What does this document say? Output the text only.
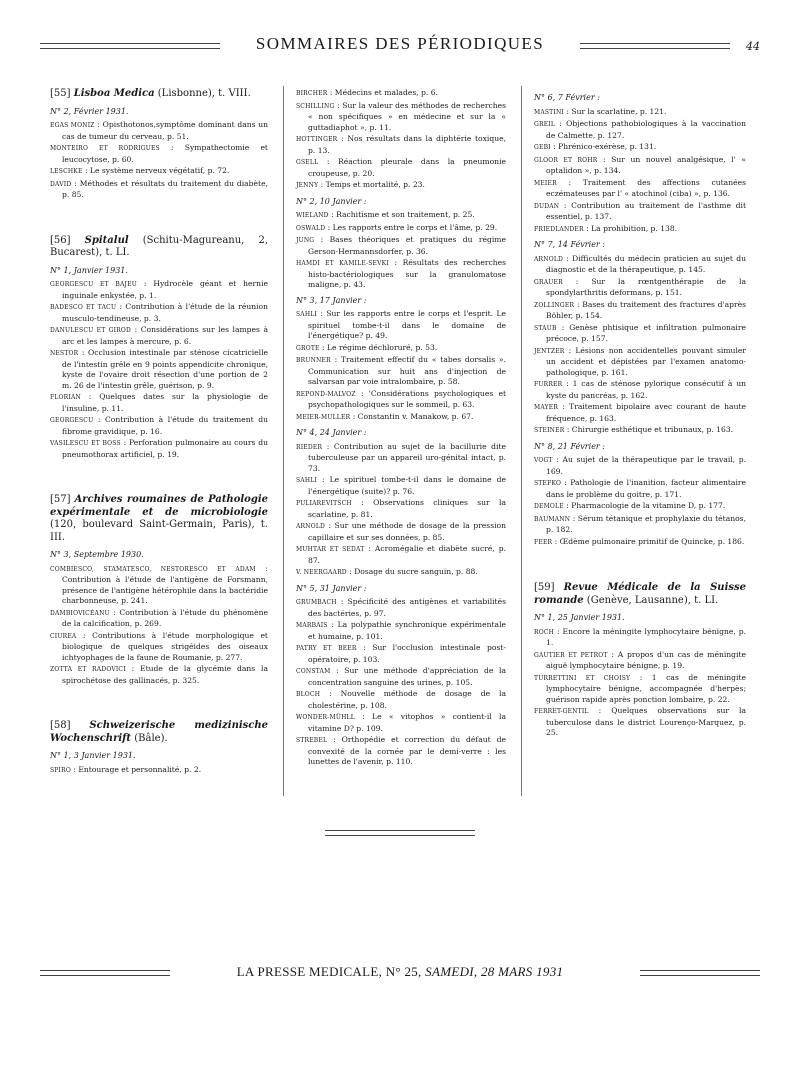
SOMMAIRES DES PÉRIODIQUES	44
[55] Lisboa Medica (Lisbonne), t. VIII.
N° 2, Février 1931.
EGAS MONIZ : Opisthotonos,symptôme dominant dans un cas de tumeur du cerveau, p. 51.
MONTEIRO ET RODRIGUES : Sympathectomie et leucocytose, p. 60.
LESCHKE : Le système nerveux végétatif, p. 72.
DAVID : Méthodes et résultats du traitement du diabète, p. 85.
[56] Spitalul (Schitu-Magureanu, 2, Bucarest), t. LI.
N° 1, Janvier 1931.
GEORGESCU ET BAJEU : Hydrocèle géant et hernie inguinale enkystée, p. 1.
BADESCO ET TACU : Contribution à l'étude de la réunion musculo-tendineuse, p. 3.
DANULESCU ET GIROD : Considérations sur les lampes à arc et les lampes à mercure, p. 6.
NESTOR : Occlusion intestinale par sténose cicatricielle de l'intestin grêle en 9 points appendicite chronique, kyste de l'ovaire droit résection d'une portion de 2 m. 26 de l'intestin grêle, guérison, p. 9.
FLORIAN : Quelques dates sur la physiologie de l'insuline, p. 11.
GEORGESCU : Contribution à l'étude du traitement du fibrome gravidique, p. 16.
VASILESCU ET BOSS : Perforation pulmonaire au cours du pneumothorax artificiel, p. 19.
[57] Archives roumaines de Pathologie expérimentale et de microbiologie (120, boulevard Saint-Germain, Paris), t. III.
N° 3, Septembre 1930.
COMBIESCO, STAMATESCO, NESTORESCO ET ADAM : Contribution à l'étude de l'antigène de Forsmann, présence de l'antigène hétérophile dans la bactéridie charbonneuse, p. 241.
DAMBIOVICÉANU : Contribution à l'étude du phénomène de la calcification, p. 269.
CIUREA : Contributions à l'étude morphologique et biologique de quelques strigéides des oiseaux ichtyophages de la faune de Roumanie, p. 277.
ZOTTA ET RADOVICI : Etude de la glycémie dans la spirochétose des gallinacés, p. 325.
[58] Schweizerische medizinische Wochenschrift (Bâle).
N° 1, 3 Janvier 1931.
SPIRO : Entourage et personnalité, p. 2.
BIRCHER : Médecins et malades, p. 6.
SCHILLING : Sur la valeur des méthodes de recherches « non spécifiques » en médecine et sur la « guttadiaphot », p. 11.
HOTTINGER : Nos résultats dans la diphtérie toxique, p. 13.
GSELL : Réaction pleurale dans la pneumonie croupeuse, p. 20.
JENNY : Temps et mortalité, p. 23.
N° 2, 10 Janvier :
WIELAND : Rachitisme et son traitement, p. 25.
OSWALD : Les rapports entre le corps et l'âme, p. 29.
JUNG : Bases théoriques et pratiques du régime Gerson-Hermannsdorfer, p. 36.
HAMDI ET KAMILE-SEVKI : Résultats des recherches histo-bactériologiques sur la granulomatose maligne, p. 43.
N° 3, 17 Janvier :
SAHLI : Sur les rapports entre le corps et l'esprit. Le spirituel tombe-t-il dans le domaine de l'énergétique? p. 49.
GROTE : Le régime déchloruré, p. 53.
BRUNNER : Traitement effectif du « tabes dorsalis ». Communication sur huit ans d'injection de salvarsan par voie intralombaire, p. 58.
REPOND-MALVOZ : 'Considérations psychologiques et psychopathologiques sur le sommeil, p. 63.
MEIER-MULLER : Constantin v. Manakow, p. 67.
N° 4, 24 Janvier :
RIEDER : Contribution au sujet de la bacillurie dite tuberculeuse par un appareil uro-génital intact, p. 73.
SAHLI : Le spirituel tombe-t-il dans le domaine de l'énergétique (suite)? p. 76.
PULIAREVITSCH : Observations cliniques sur la scarlatine, p. 81.
ARNOLD : Sur une méthode de dosage de la pression capillaire et sur ses données, p. 85.
MUHTAR ET SEDAT : Acromégalie et diabète sucré, p. 87.
V. NEERGAARD : Dosage du sucre sanguin, p. 88.
N° 5, 31 Janvier :
GRUMBACH : Spécificité des antigènes et variabilités des bactéries, p. 97.
MARBAIS : La polypathie synchronique expérimentale et humaine, p. 101.
PATRY ET BEER : Sur l'occlusion intestinale post-opératoire, p. 103.
CONSTAM : Sur une méthode d'appréciation de la concentration sanguine des urines, p. 105.
BLOCH : Nouvelle méthode de dosage de la cholestérine, p. 108.
WONDER-MÜHLL : Le « vitophos » contient-il la vitamine D? p. 109.
STREBEL : Orthopédie et correction du défaut de convexité de la cornée par le demi-verre : les lunettes de l'avenir, p. 110.
N° 6, 7 Février :
MASTINI : Sur la scarlatine, p. 121.
GREIL : Objections pathobiologiques à la vaccination de Calmette, p. 127.
GEBI : Phrénico-exérèse, p. 131.
GLOOR ET ROHR : Sur un nouvel analgésique, l' « optalidon », p. 134.
MEIER : Traitement des affections cutanées eczémateuses par l' « atochinol (ciba) », p. 136.
DUDAN : Contribution au traitement de l'asthme dit essentiel, p. 137.
FRIEDLANDER : La prohibition, p. 138.
N° 7, 14 Février :
ARNOLD : Difficultés du médecin praticien au sujet du diagnostic et de la thérapeutique, p. 145.
GRAUER : Sur la rœntgenthérapie de la spondylarthritis deformans, p. 151.
ZOLLINGER : Bases du traitement des fractures d'après Böhler, p. 154.
STAUB : Genèse phtisique et infiltration pulmonaire précoce, p. 157.
JENTZER : Lésions non accidentelles pouvant simuler un accident et dépistées par l'examen anatomo-pathologique, p. 161.
FURRER : 1 cas de sténose pylorique consécutif à un kyste du pancréas, p. 162.
MAYER : Traitement bipolaire avec courant de haute fréquence, p. 163.
STEINER : Chirurgie esthétique et tribunaux, p. 163.
N° 8, 21 Février :
VOGT : Au sujet de la thérapeutique par le travail, p. 169.
STEFKO : Pathologie de l'inanition, facteur alimentaire dans le problème du goitre, p. 171.
DEMOLE : Pharmacologie de la vitamine D, p. 177.
BAUMANN : Sérum tétanique et prophylaxie du tétanos, p. 182.
FEER : Œdème pulmonaire primitif de Quincke, p. 186.
[59] Revue Médicale de la Suisse romande (Genève, Lausanne), t. LI.
N° 1, 25 Janvier 1931.
ROCH : Encore la méningite lymphocytaire bénigne, p. 1.
GAUTIER ET PETROT : A propos d'un cas de méningite aiguë lymphocytaire bénigne, p. 19.
TURRETTINI ET CHOISY : 1 cas de méningite lymphocytaire bénigne, accompagnée d'herpès; guérison rapide après ponction lombaire, p. 22.
FERRET-GENTIL : Quelques observations sur la tuberculose dans le district Lourenço-Marquez, p. 25.
LA PRESSE MEDICALE, N° 25, SAMEDI, 28 MARS 1931
